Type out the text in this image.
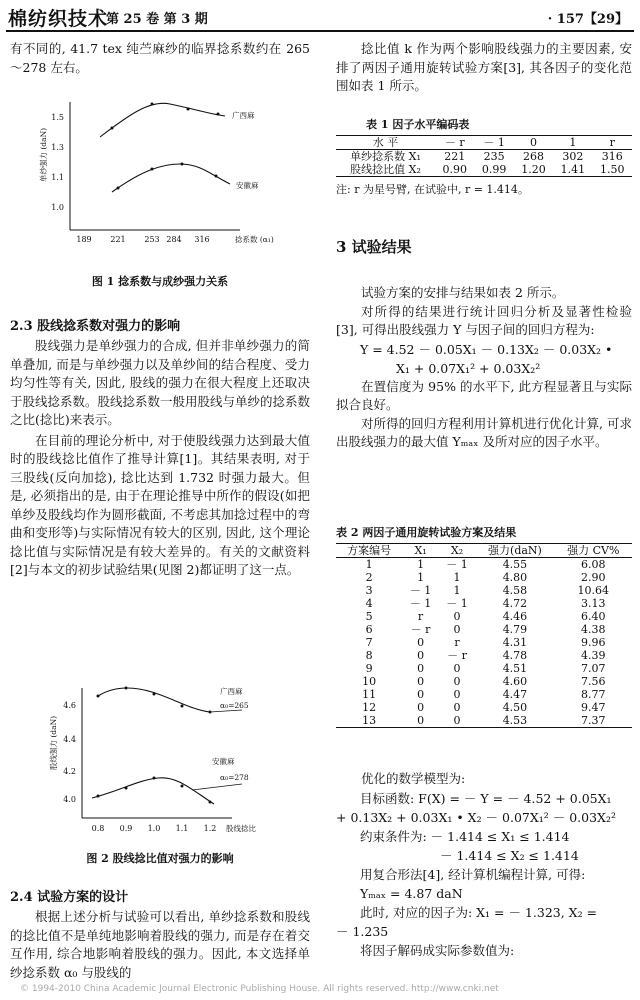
棉纺织技术
第 25 卷 第 3 期	· 157【29】

有不同的, 41.7 tex 纯苎麻纱的临界捻系数约在 265～278 左右。

1.5
1.3
1.1
1.0
189 221 253 284 316	捻系数 (α₁)
单纱强力 (daN)
广西麻
安徽麻
图 1 捻系数与成纱强力关系

2.3 股线捻系数对强力的影响

股线强力是单纱强力的合成, 但并非单纱强力的简单叠加, 而是与单纱强力以及单纱间的结合程度、受力均匀性等有关, 因此, 股线的强力在很大程度上还取决于股线捻系数。股线捻系数一般用股线与单纱的捻系数之比(捻比)来表示。

在目前的理论分析中, 对于使股线强力达到最大值时的股线捻比值作了推导计算[1]。其结果表明, 对于三股线(反向加捻), 捻比达到 1.732 时强力最大。但是, 必须指出的是, 由于在理论推导中所作的假设(如把单纱及股线均作为圆形截面, 不考虑其加捻过程中的弯曲和变形等)与实际情况有较大的区别, 因此, 这个理论捻比值与实际情况是有较大差异的。有关的文献资料[2]与本文的初步试验结果(见图 2)都证明了这一点。

4.6
4.4
4.2
4.0
0.8 0.9 1.0 1.1 1.2 股线捻比
股线强力 (daN)
广西麻
α₀=265
安徽麻
α₀=278
图 2 股线捻比值对强力的影响

2.4 试验方案的设计

根据上述分析与试验可以看出, 单纱捻系数和股线的捻比值不是单纯地影响着股线的强力, 而是存在着交互作用, 综合地影响着股线的强力。因此, 本文选择单纱捻系数 α₀ 与股线的

捻比值 k 作为两个影响股线强力的主要因素, 安排了两因子通用旋转试验方案[3], 其各因子的变化范围如表 1 所示。

表 1 因子水平编码表
水 平	－ r	－ 1	0	1	r
单纱捻系数 X₁	221	235	268	302	316
股线捻比值 X₂	0.90	0.99	1.20	1.41	1.50
注: r 为星号臂, 在试验中, r = 1.414。

3 试验结果

试验方案的安排与结果如表 2 所示。

对所得的结果进行统计回归分析及显著性检验[3], 可得出股线强力 Y 与因子间的回归方程为:

Y = 4.52 － 0.05X₁ － 0.13X₂ － 0.03X₂ •
X₁ + 0.07X₁² + 0.03X₂²

在置信度为 95% 的水平下, 此方程显著且与实际拟合良好。

对所得的回归方程利用计算机进行优化计算, 可求出股线强力的最大值 Yₘₐₓ 及所对应的因子水平。

表 2 两因子通用旋转试验方案及结果
方案编号	X₁	X₂	强力(daN)	强力 CV%
1	1	－ 1	4.55	6.08
2	1	1	4.80	2.90
3	－ 1	1	4.58	10.64
4	－ 1	－ 1	4.72	3.13
5	r	0	4.46	6.40
6	－ r	0	4.79	4.38
7	0	r	4.31	9.96
8	0	－ r	4.78	4.39
9	0	0	4.51	7.07
10	0	0	4.60	7.56
11	0	0	4.47	8.77
12	0	0	4.50	9.47
13	0	0	4.53	7.37

优化的数学模型为:

目标函数: F(X) = － Y = － 4.52 + 0.05X₁
+ 0.13X₂ + 0.03X₁ • X₂ － 0.07X₁² － 0.03X₂²
约束条件为: － 1.414 ≤ X₁ ≤ 1.414
－ 1.414 ≤ X₂ ≤ 1.414
用复合形法[4], 经计算机编程计算, 可得:
Yₘₐₓ = 4.87 daN
此时, 对应的因子为: X₁ = － 1.323, X₂ =
－ 1.235
将因子解码成实际参数值为:
© 1994-2010 China Academic Journal Electronic Publishing House. All rights reserved. http://www.cnki.net
